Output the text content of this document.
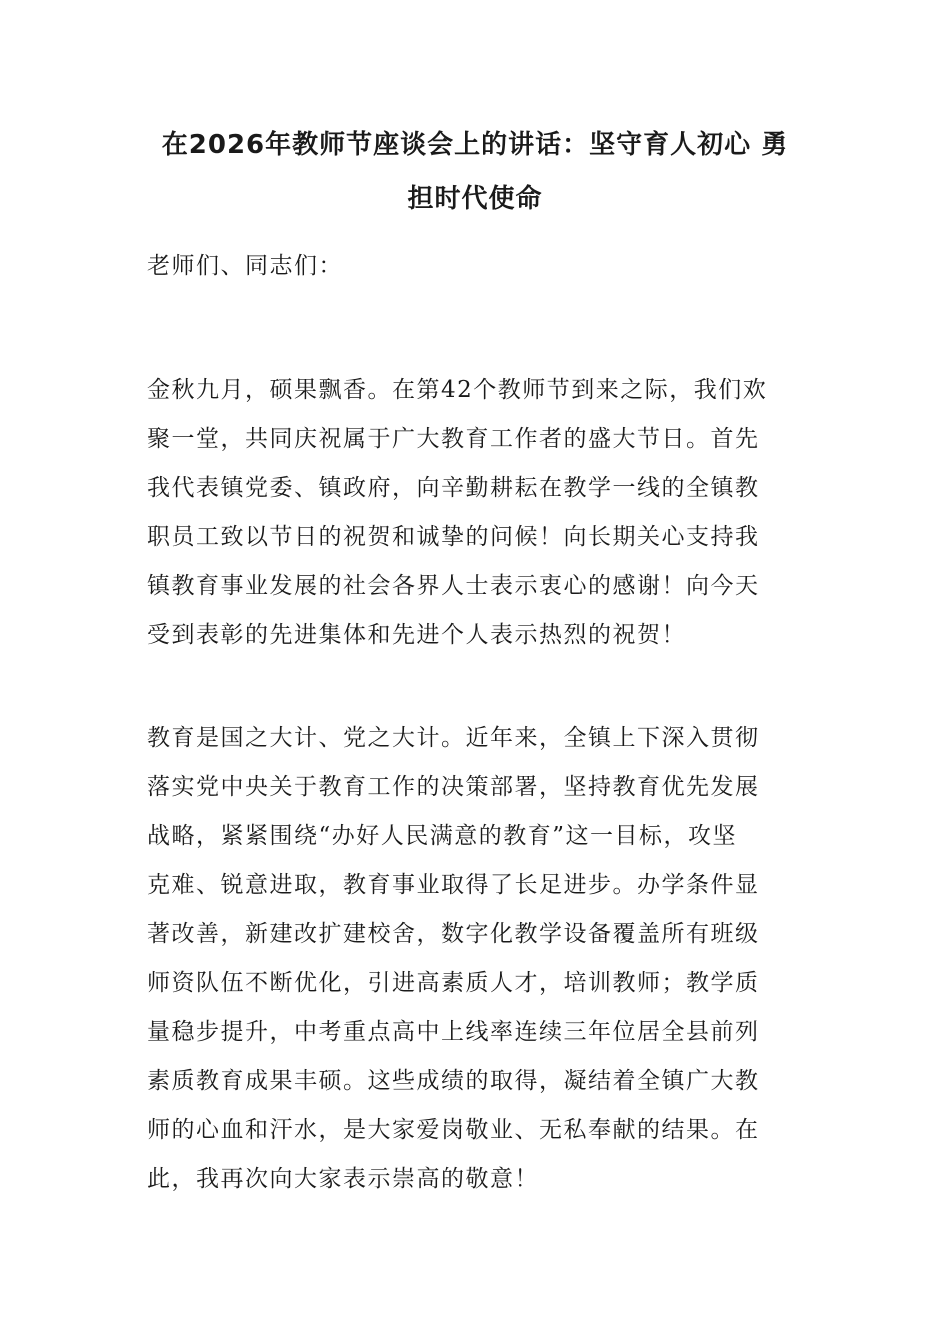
在2026年教师节座谈会上的讲话：坚守育人初心 勇
担时代使命

老师们、同志们：

金秋九月，硕果飘香。在第42个教师节到来之际，我们欢
聚一堂，共同庆祝属于广大教育工作者的盛大节日。首先
我代表镇党委、镇政府，向辛勤耕耘在教学一线的全镇教
职员工致以节日的祝贺和诚挚的问候！向长期关心支持我
镇教育事业发展的社会各界人士表示衷心的感谢！向今天
受到表彰的先进集体和先进个人表示热烈的祝贺！

教育是国之大计、党之大计。近年来，全镇上下深入贯彻
落实党中央关于教育工作的决策部署，坚持教育优先发展
战略，紧紧围绕“办好人民满意的教育”这一目标，攻坚
克难、锐意进取，教育事业取得了长足进步。办学条件显
著改善，新建改扩建校舍，数字化教学设备覆盖所有班级
师资队伍不断优化，引进高素质人才，培训教师；教学质
量稳步提升，中考重点高中上线率连续三年位居全县前列
素质教育成果丰硕。这些成绩的取得，凝结着全镇广大教
师的心血和汗水，是大家爱岗敬业、无私奉献的结果。在
此，我再次向大家表示崇高的敬意！
